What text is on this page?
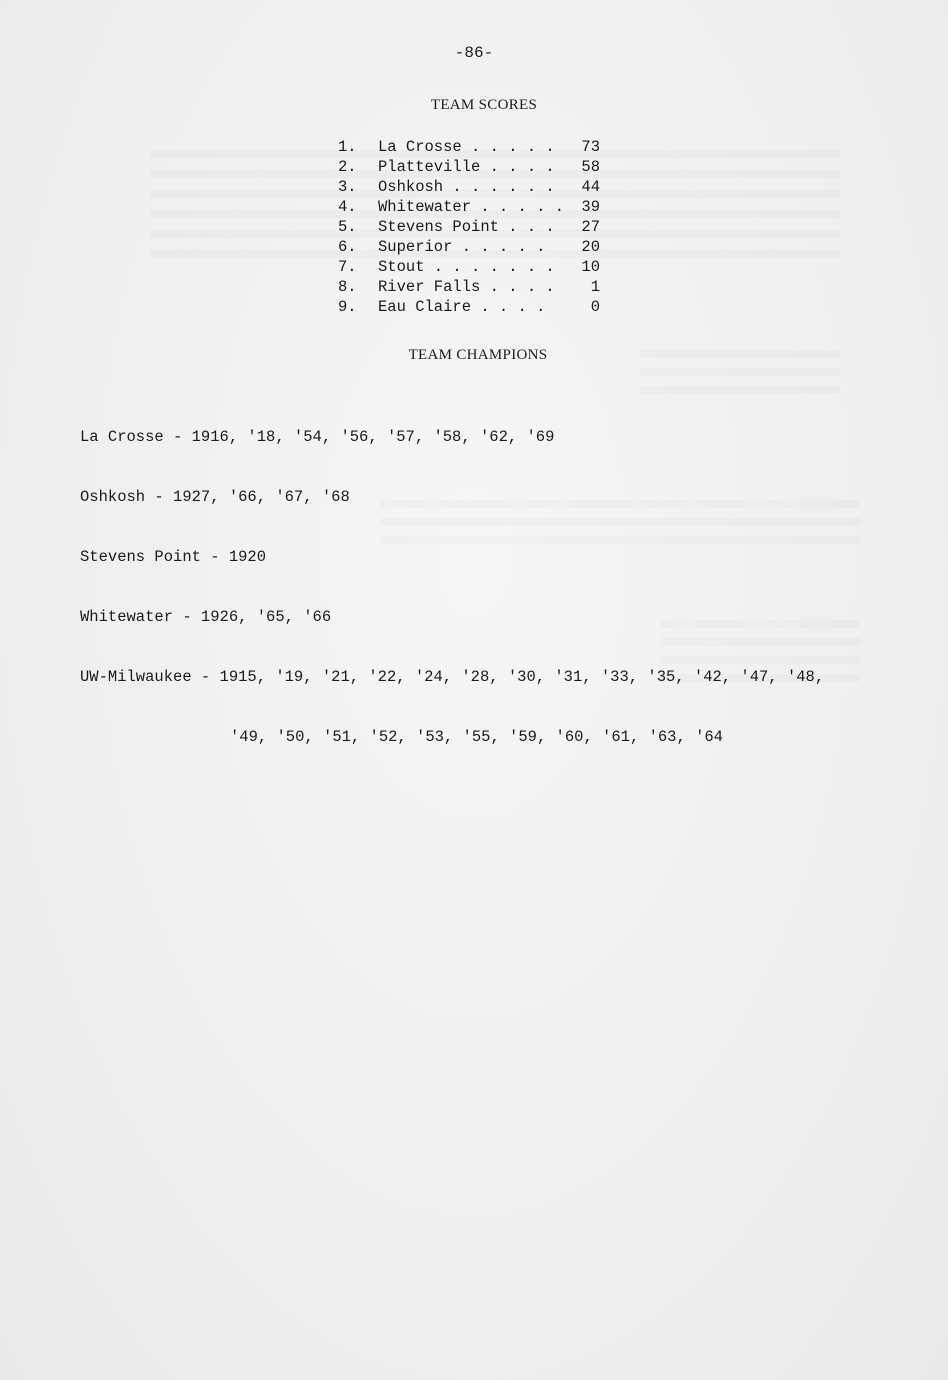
-86-
TEAM SCORES
1.	La Crosse . . . . .	73
2.	Platteville . . . .	58
3.	Oshkosh . . . . . .	44
4.	Whitewater . . . . .	39
5.	Stevens Point . . .	27
6.	Superior . . . . .	20
7.	Stout . . . . . . .	10
8.	River Falls . . . .	1
9.	Eau Claire . . . .	0
TEAM CHAMPIONS

La Crosse - 1916, '18, '54, '56, '57, '58, '62, '69

Oshkosh - 1927, '66, '67, '68

Stevens Point - 1920

Whitewater - 1926, '65, '66

UW-Milwaukee - 1915, '19, '21, '22, '24, '28, '30, '31, '33, '35, '42, '47, '48,

'49, '50, '51, '52, '53, '55, '59, '60, '61, '63, '64
